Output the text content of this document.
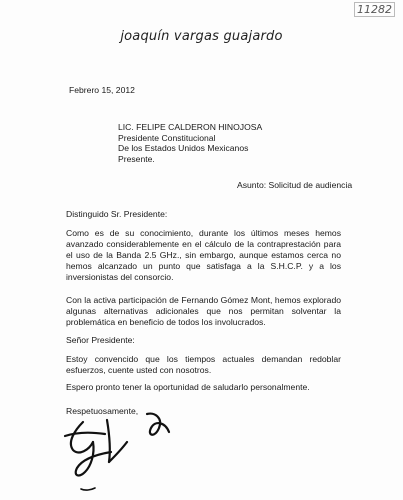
11282
joaquín vargas guajardo
Febrero 15, 2012
LIC. FELIPE CALDERON HINOJOSA
Presidente Constitucional
De los Estados Unidos Mexicanos
Presente.
Asunto: Solicitud de audiencia
Distinguido Sr. Presidente:
Como es de su conocimiento, durante los últimos meses hemos avanzado considerablemente en el cálculo de la contraprestación para el uso de la Banda 2.5 GHz., sin embargo, aunque estamos cerca no hemos alcanzado un punto que satisfaga a la S.H.C.P. y a los inversionistas del consorcio.
Con la activa participación de Fernando Gómez Mont, hemos explorado algunas alternativas adicionales que nos permitan solventar la problemática en beneficio de todos los involucrados.
Señor Presidente:
Estoy convencido que los tiempos actuales demandan redoblar esfuerzos, cuente usted con nosotros.
Espero pronto tener la oportunidad de saludarlo personalmente.
Respetuosamente,
